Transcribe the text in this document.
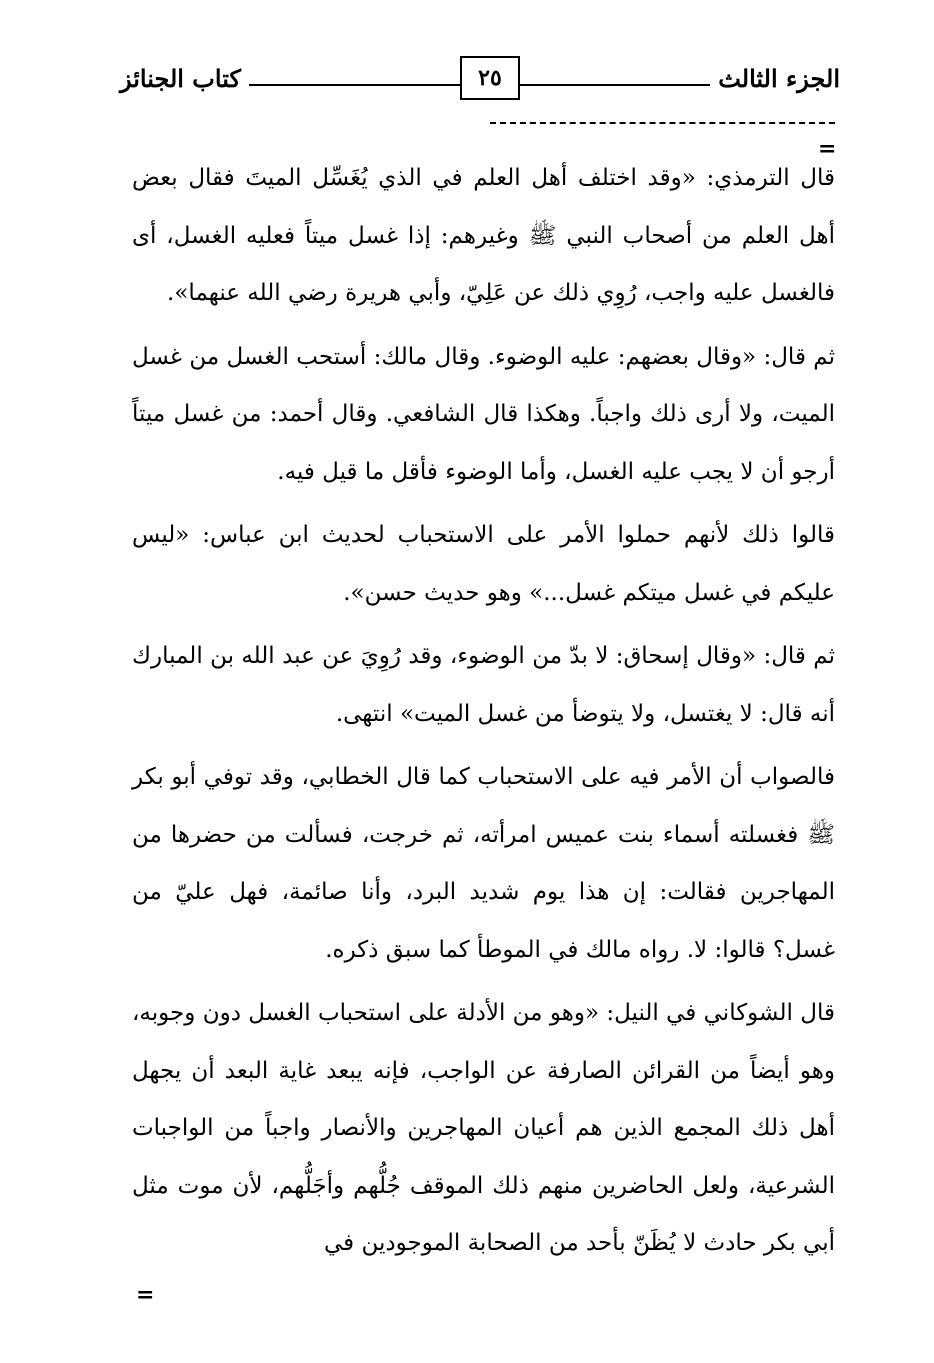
الجزء الثالث
٢٥
كتاب الجنائز
=

قال الترمذي: «وقد اختلف أهل العلم في الذي يُغَسِّل الميتَ فقال بعض أهل العلم من أصحاب النبي ﷺ وغيرهم: إذا غسل ميتاً فعليه الغسل، أى فالغسل عليه واجب، رُوِي ذلك عن عَلِيّ، وأبي هريرة رضي الله عنهما».

ثم قال: «وقال بعضهم: عليه الوضوء. وقال مالك: أستحب الغسل من غسل الميت، ولا أرى ذلك واجباً. وهكذا قال الشافعي. وقال أحمد: من غسل ميتاً أرجو أن لا يجب عليه الغسل، وأما الوضوء فأقل ما قيل فيه.

قالوا ذلك لأنهم حملوا الأمر على الاستحباب لحديث ابن عباس: «ليس عليكم في غسل ميتكم غسل...» وهو حديث حسن».

ثم قال: «وقال إسحاق: لا بدّ من الوضوء، وقد رُوِيَ عن عبد الله بن المبارك أنه قال: لا يغتسل، ولا يتوضأ من غسل الميت» انتهى.

فالصواب أن الأمر فيه على الاستحباب كما قال الخطابي، وقد توفي أبو بكر ﷺ فغسلته أسماء بنت عميس امرأته، ثم خرجت، فسألت من حضرها من المهاجرين فقالت: إن هذا يوم شديد البرد، وأنا صائمة، فهل عليّ من غسل؟ قالوا: لا. رواه مالك في الموطأ كما سبق ذكره.

قال الشوكاني في النيل: «وهو من الأدلة على استحباب الغسل دون وجوبه، وهو أيضاً من القرائن الصارفة عن الواجب، فإنه يبعد غاية البعد أن يجهل أهل ذلك المجمع الذين هم أعيان المهاجرين والأنصار واجباً من الواجبات الشرعية، ولعل الحاضرين منهم ذلك الموقف جُلُّهم وأجَلُّهم، لأن موت مثل أبي بكر حادث لا يُظَنّ بأحد من الصحابة الموجودين في

=
